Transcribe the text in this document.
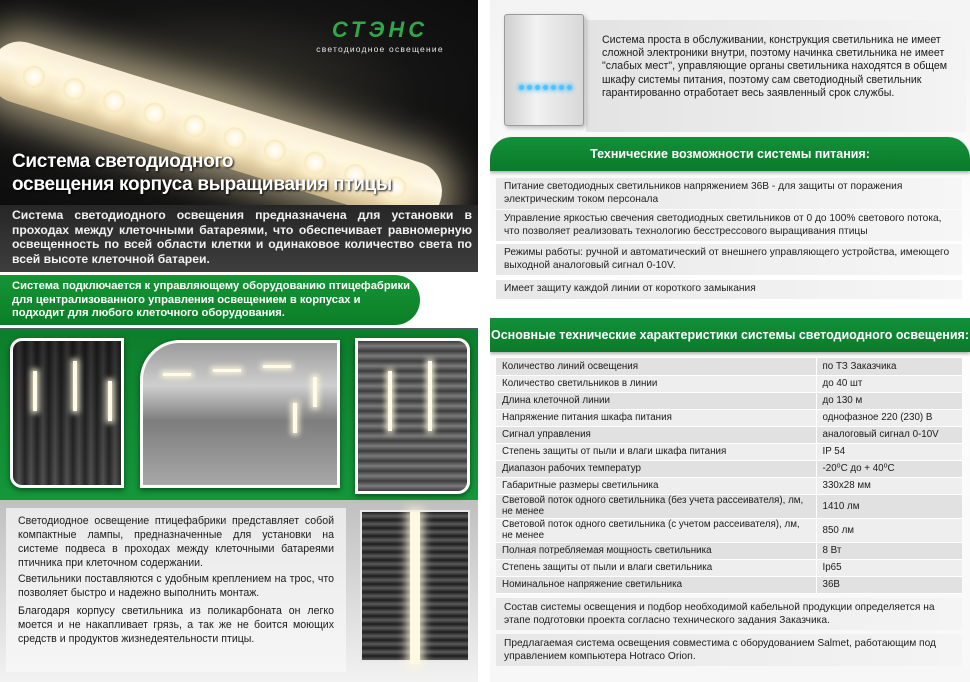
СТЭНС
светодиодное освещение
Система светодиодного
освещения корпуса выращивания птицы
Система светодиодного освещения предназначена для установки в проходах между клеточными батареями, что обеспечивает равномерную освещенность по всей области клетки и одинаковое количество света по всей высоте клеточной батареи.
Система подключается к управляющему оборудованию птицефабрики для централизованного управления освещением в корпусах и подходит для любого клеточного оборудования.
Светодиодное освещение птицефабрики представляет собой компактные лампы, предназначенные для установки на системе подвеса в проходах между клеточными батареями птичника при клеточном содержании.
Светильники поставляются с удобным креплением на трос, что позволяет быстро и надежно выполнить монтаж.
Благодаря корпусу светильника из поликарбоната он легко моется и не накапливает грязь, а так же не боится моющих средств и продуктов жизнедеятельности птицы.
Система проста в обслуживании, конструкция светильника не имеет сложной электроники внутри, поэтому начинка светильника не имеет "слабых мест", управляющие органы светильника находятся в общем шкафу системы питания, поэтому сам светодиодный светильник гарантированно отработает весь заявленный срок службы.
Технические возможности системы питания:
Питание светодиодных светильников напряжением 36В - для защиты от поражения электрическим током персонала
Управление яркостью свечения светодиодных светильников от 0 до 100% светового потока, что позволяет реализовать технологию бесстрессового выращивания птицы
Режимы работы: ручной и автоматический от внешнего управляющего устройства, имеющего выходной аналоговый сигнал 0-10V.
Имеет защиту каждой линии от короткого замыкания
Основные технические характеристики системы светодиодного освещения:
Количество линий освещения	по ТЗ Заказчика
Количество светильников в линии	до 40 шт
Длина клеточной линии	до 130 м
Напряжение питания шкафа питания	однофазное 220 (230) В
Сигнал управления	аналоговый сигнал 0-10V
Степень защиты от пыли и влаги шкафа питания	IP 54
Диапазон рабочих температур	-20⁰С до + 40⁰С
Габаритные размеры светильника	330х28 мм
Световой поток одного светильника (без учета рассеивателя), лм, не менее	1410 лм
Световой поток одного светильника (с учетом рассеивателя), лм, не менее	850 лм
Полная потребляемая мощность светильника	8 Вт
Степень защиты от пыли и влаги светильника	Ip65
Номинальное напряжение светильника	36В
Состав системы освещения и подбор необходимой кабельной продукции определяется на этапе подготовки проекта согласно технического задания Заказчика.
Предлагаемая система освещения совместима с оборудованием Salmet, работающим под управлением компьютера Hotraco Orion.
